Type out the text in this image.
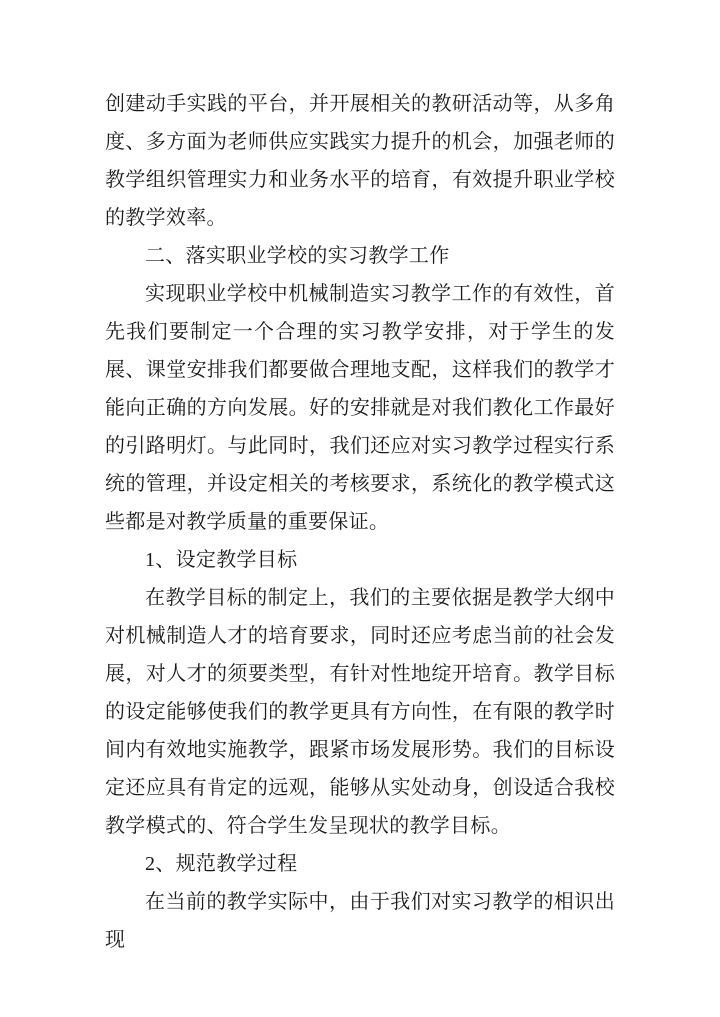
创建动手实践的平台，并开展相关的教研活动等，从多角度、多方面为老师供应实践实力提升的机会，加强老师的教学组织管理实力和业务水平的培育，有效提升职业学校的教学效率。

二、落实职业学校的实习教学工作

实现职业学校中机械制造实习教学工作的有效性，首先我们要制定一个合理的实习教学安排，对于学生的发展、课堂安排我们都要做合理地支配，这样我们的教学才能向正确的方向发展。好的安排就是对我们教化工作最好的引路明灯。与此同时，我们还应对实习教学过程实行系统的管理，并设定相关的考核要求，系统化的教学模式这些都是对教学质量的重要保证。

1、设定教学目标

在教学目标的制定上，我们的主要依据是教学大纲中对机械制造人才的培育要求，同时还应考虑当前的社会发展，对人才的须要类型，有针对性地绽开培育。教学目标的设定能够使我们的教学更具有方向性，在有限的教学时间内有效地实施教学，跟紧市场发展形势。我们的目标设定还应具有肯定的远观，能够从实处动身，创设适合我校教学模式的、符合学生发呈现状的教学目标。

2、规范教学过程

在当前的教学实际中，由于我们对实习教学的相识出现
